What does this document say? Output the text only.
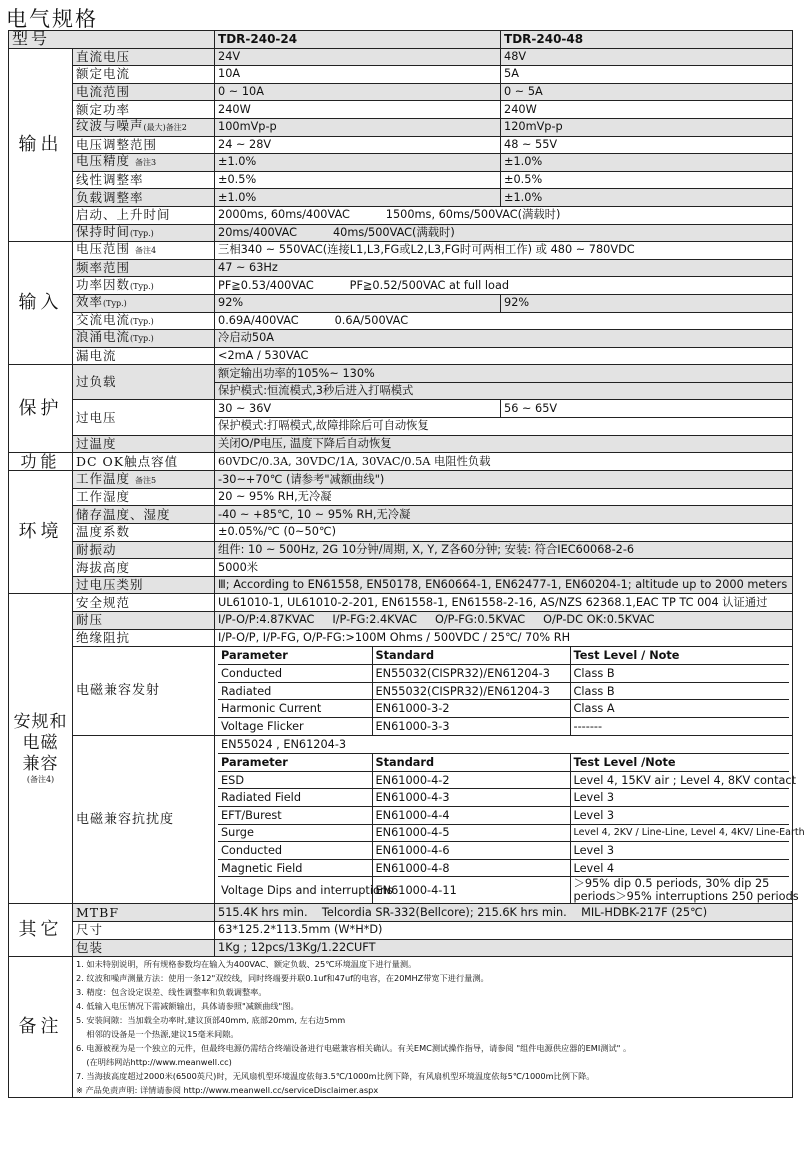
电气规格
型号	TDR-240-24	TDR-240-48
输出	直流电压	24V	48V
额定电流	10A	5A
电流范围	0 ~ 10A	0 ~ 5A
额定功率	240W	240W
纹波与噪声(最大)备注2	100mVp-p	120mVp-p
电压调整范围	24 ~ 28V	48 ~ 55V
电压精度 备注3	±1.0%	±1.0%
线性调整率	±0.5%	±0.5%
负载调整率	±1.0%	±1.0%
启动、上升时间	2000ms, 60ms/400VAC          1500ms, 60ms/500VAC(满载时)
保持时间(Typ.)	20ms/400VAC          40ms/500VAC(满载时)
输入	电压范围 备注4	三相340 ~ 550VAC(连接L1,L3,FG或L2,L3,FG时可两相工作) 或 480 ~ 780VDC
频率范围	47 ~ 63Hz
功率因数(Typ.)	PF≧0.53/400VAC          PF≧0.52/500VAC at full load
效率(Typ.)	92%	92%
交流电流(Typ.)	0.69A/400VAC          0.6A/500VAC
浪涌电流(Typ.)	冷启动50A
漏电流	<2mA / 530VAC
保护	过负载	额定输出功率的105%~ 130%
保护模式:恒流模式,3秒后进入打嗝模式
过电压	30 ~ 36V	56 ~ 65V
保护模式:打嗝模式,故障排除后可自动恢复
过温度	关闭O/P电压, 温度下降后自动恢复
功能	DC OK触点容值	60VDC/0.3A, 30VDC/1A, 30VAC/0.5A 电阻性负载
环境	工作温度 备注5	-30~+70℃ (请参考"减额曲线")
工作湿度	20 ~ 95% RH,无冷凝
储存温度、湿度	-40 ~ +85℃, 10 ~ 95% RH,无冷凝
温度系数	±0.05%/℃ (0~50℃)
耐振动	组件: 10 ~ 500Hz, 2G 10分钟/周期, X, Y, Z各60分钟; 安装: 符合IEC60068-2-6
海拔高度	5000米
过电压类别	Ⅲ; According to EN61558, EN50178, EN60664-1, EN62477-1, EN60204-1; altitude up to 2000 meters

安规和
电磁
兼容
(备注4)
	安全规范	UL61010-1, UL61010-2-201, EN61558-1, EN61558-2-16, AS/NZS 62368.1,EAC TP TC 004 认证通过
耐压	I/P-O/P:4.87KVAC     I/P-FG:2.4KVAC     O/P-FG:0.5KVAC     O/P-DC OK:0.5KVAC
绝缘阻抗	I/P-O/P, I/P-FG, O/P-FG:>100M Ohms / 500VDC / 25℃/ 70% RH
电磁兼容发射	
Parameter	Standard	Test Level / Note
Conducted	EN55032(CISPR32)/EN61204-3	Class B
Radiated	EN55032(CISPR32)/EN61204-3	Class B
Harmonic Current	EN61000-3-2	Class A
Voltage Flicker	EN61000-3-3	-------

电磁兼容抗扰度	
EN55024 , EN61204-3
Parameter	Standard	Test Level /Note
ESD	EN61000-4-2	Level 4, 15KV air ; Level 4, 8KV contact
Radiated Field	EN61000-4-3	Level 3
EFT/Burest	EN61000-4-4	Level 3
Surge	EN61000-4-5	Level 4, 2KV / Line-Line, Level 4, 4KV/ Line-Earth
Conducted	EN61000-4-6	Level 3
Magnetic Field	EN61000-4-8	Level 4
Voltage Dips and interruptions	EN61000-4-11	＞95% dip 0.5 periods, 30% dip 25
periods＞95% interruptions 250 periods

其它	MTBF	515.4K hrs min.    Telcordia SR-332(Bellcore); 215.6K hrs min.    MIL-HDBK-217F (25℃)
尺寸	63*125.2*113.5mm (W*H*D)
包装	1Kg ; 12pcs/13Kg/1.22CUFT
备注	
1. 如未特别说明，所有规格参数均在输入为400VAC、额定负载、25℃环境温度下进行量测。
2. 纹波和噪声测量方法：使用一条12"双绞线，同时终端要并联0.1uf和47uf的电容，在20MHZ带宽下进行量测。
3. 精度：包含设定误差、线性调整率和负载调整率。
4. 低输入电压情况下需减额输出，具体请参照"减额曲线"图。
5. 安装间隙：当加载全功率时,建议顶部40mm, 底部20mm, 左右边5mm
相邻的设备是一个热源,建议15毫米间隙。
6. 电源被视为是一个独立的元件，但最终电源仍需结合终端设备进行电磁兼容相关确认。有关EMC测试操作指导，请参阅 "组件电源供应器的EMI测试" 。
(在明纬网站http://www.meanwell.cc)
7. 当海拔高度超过2000米(6500英尺)时，无风扇机型环境温度依每3.5℃/1000m比例下降，有风扇机型环境温度依每5℃/1000m比例下降。
※ 产品免责声明: 详情请参阅 http://www.meanwell.cc/serviceDisclaimer.aspx
